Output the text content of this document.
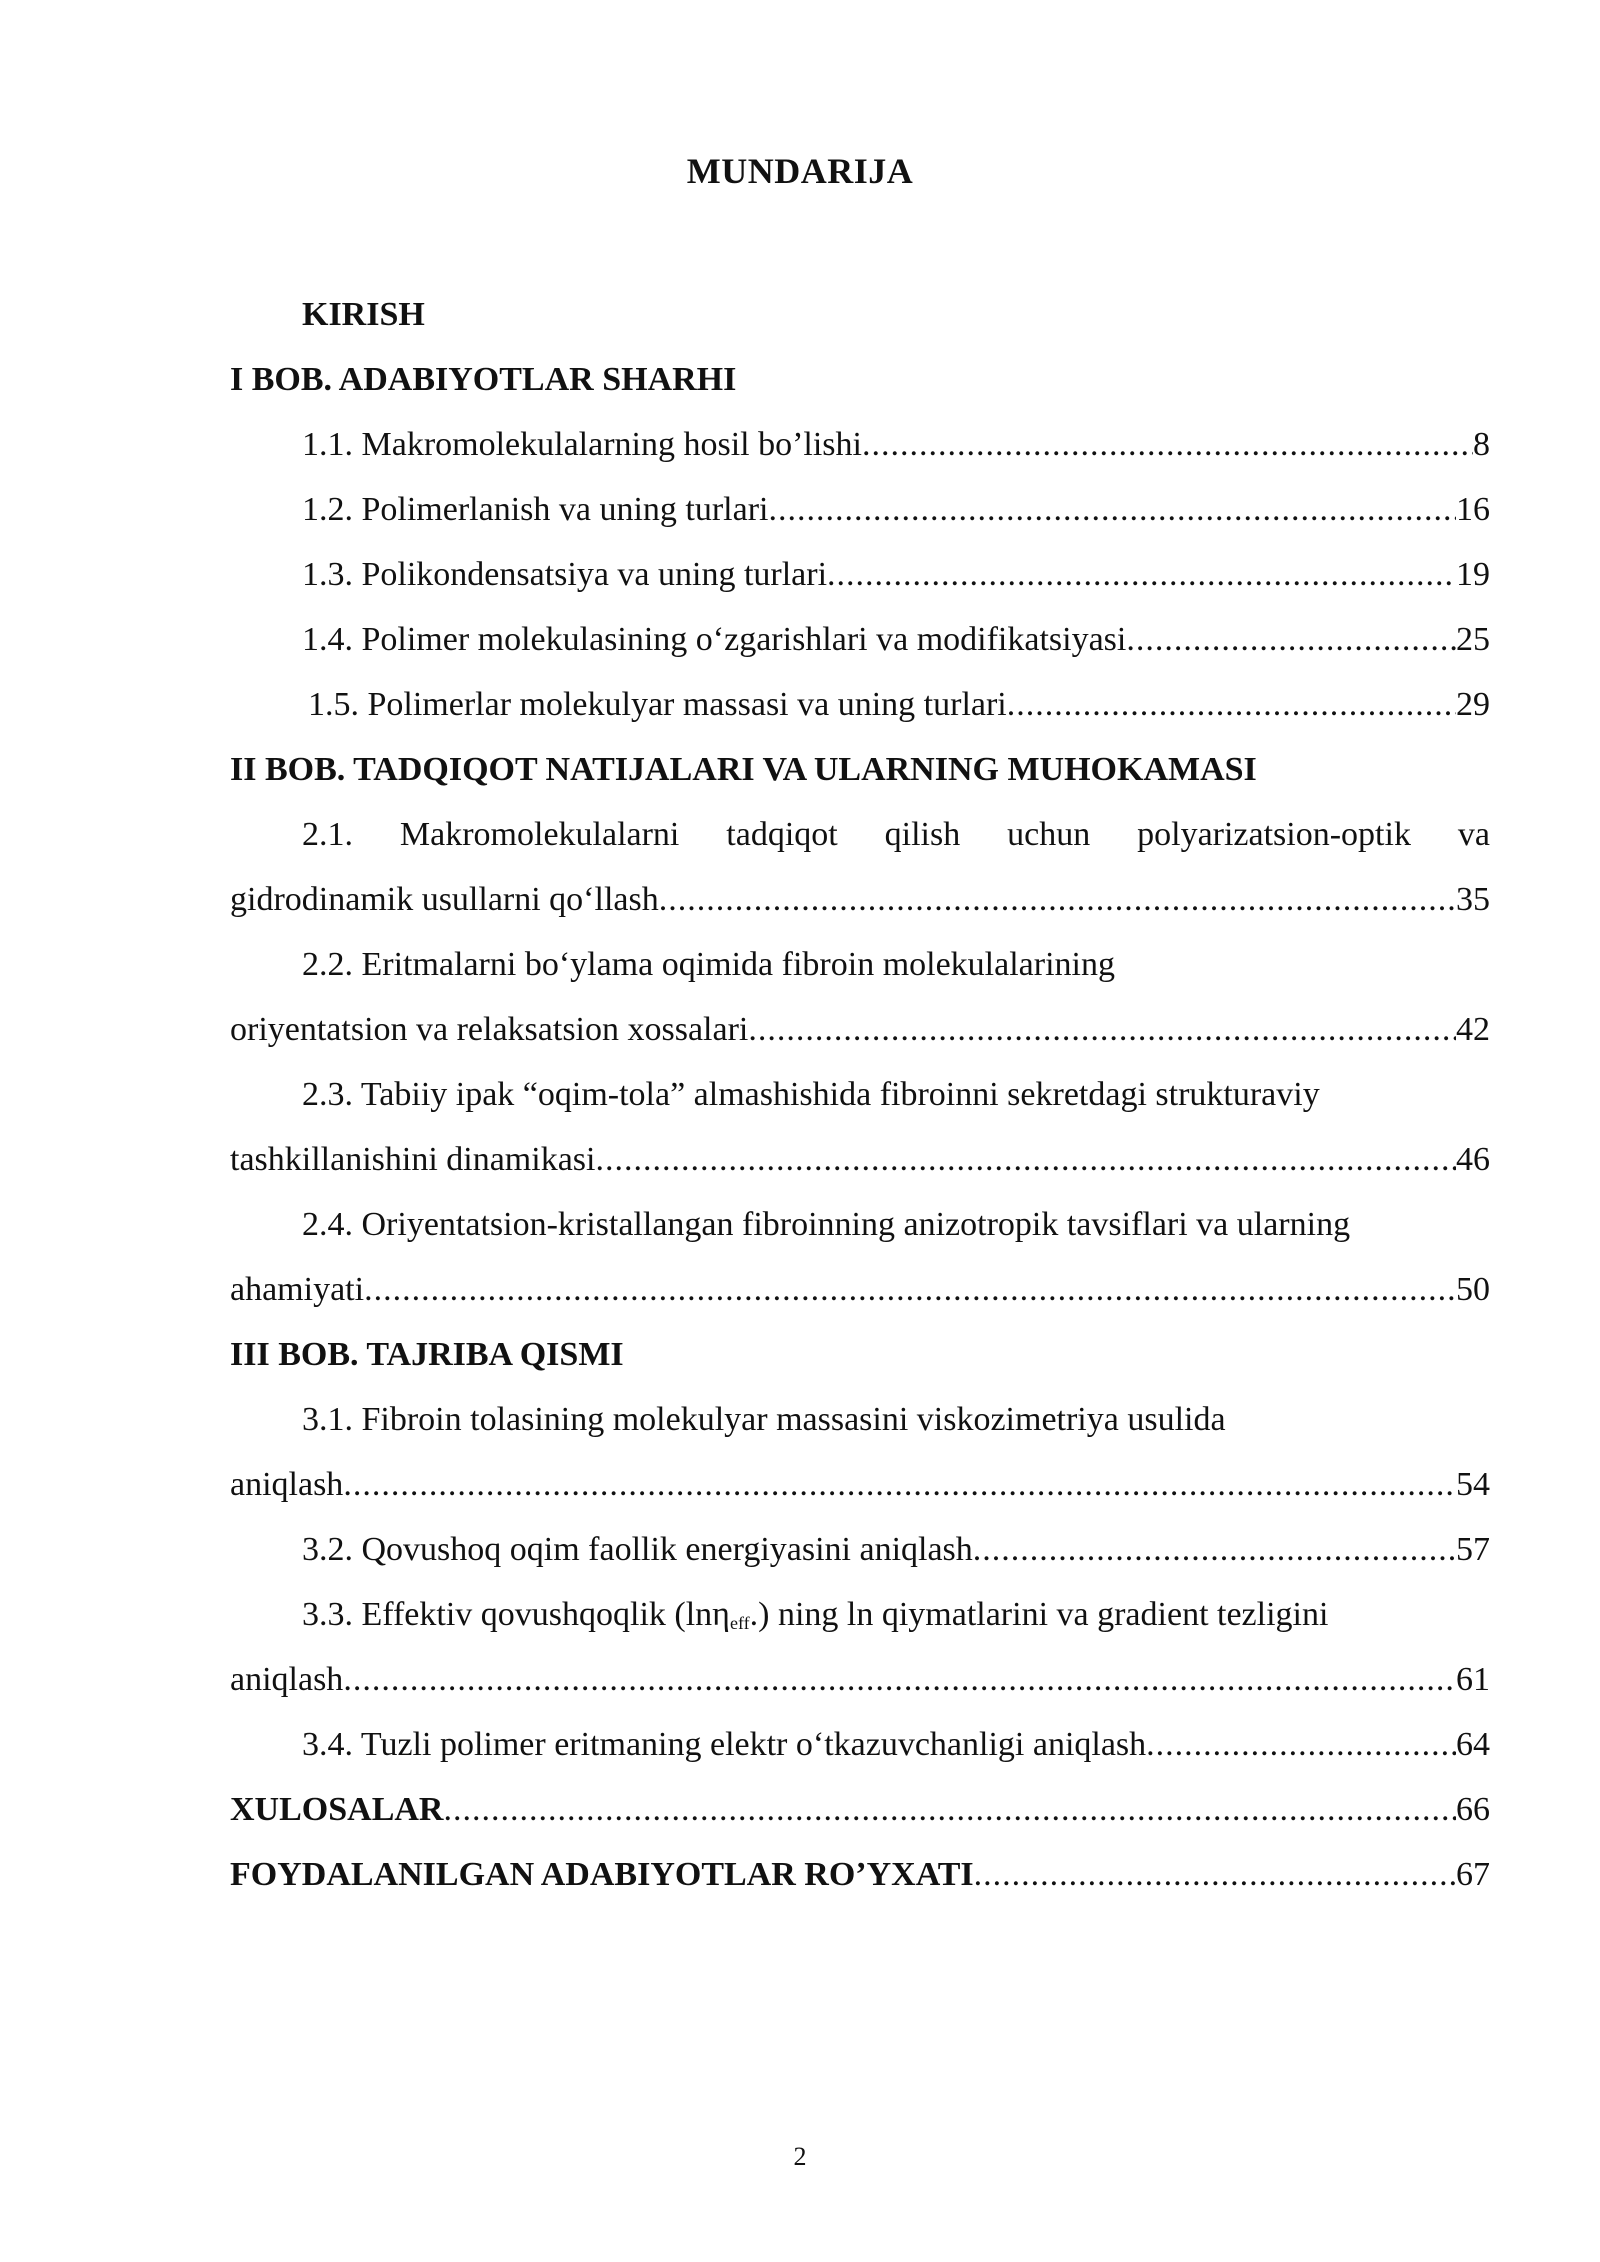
MUNDARIJA
KIRISH
I BOB. ADABIYOTLAR SHARHI
1.1. Makromolekulalarning hosil bo’lishi .....	8
1.2. Polimerlanish va uning turlari .....	16
1.3. Polikondensatsiya va uning turlari .....	19
1.4. Polimer molekulasining o‘zgarishlari va modifikatsiyasi .....	25
1.5. Polimerlar molekulyar massasi va uning turlari .....	29
II BOB. TADQIQOT NATIJALARI VA ULARNING MUHOKAMASI
2.1. Makromolekulalarni tadqiqot qilish uchun polyarizatsion-optik va
gidrodinamik usullarni qo‘llash .....	35
2.2. Eritmalarni bo‘ylama oqimida fibroin molekulalarining
oriyentatsion va relaksatsion xossalari .....	42
2.3. Tabiiy ipak “oqim-tola” almashishida fibroinni sekretdagi strukturaviy
tashkillanishini dinamikasi .....	46
2.4. Oriyentatsion-kristallangan fibroinning anizotropik tavsiflari va ularning
ahamiyati .....	50
III BOB. TAJRIBA QISMI
3.1. Fibroin tolasining molekulyar massasini viskozimetriya usulida
aniqlash .....	54
3.2. Qovushoq oqim faollik energiyasini aniqlash .....	57
3.3. Effektiv qovushqoqlik (lnη$_{eff}$.) ning ln qiymatlarini va gradient tezligini
aniqlash .....	61
3.4. Tuzli polimer eritmaning elektr o‘tkazuvchanligi aniqlash .....	64
XULOSALAR .....	66
FOYDALANILGAN ADABIYOTLAR RO’YXATI .....	67
2
